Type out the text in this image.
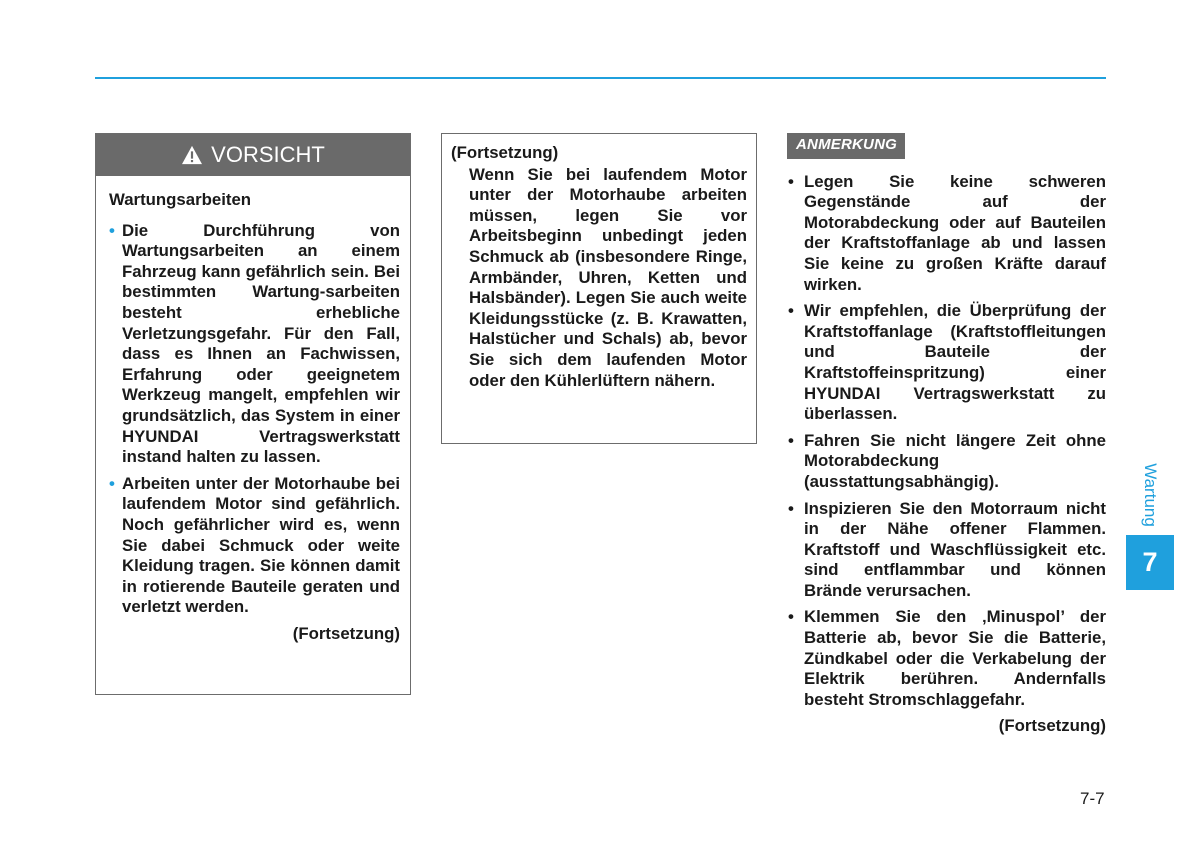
VORSICHT
Wartungsarbeiten
• Die Durchführung von Wartungsarbeiten an einem Fahrzeug kann gefährlich sein. Bei bestimmten Wartung-sarbeiten besteht erhebliche Verletzungsgefahr. Für den Fall, dass es Ihnen an Fachwissen, Erfahrung oder geeignetem Werkzeug mangelt, empfehlen wir grundsätzlich, das System in einer HYUNDAI Vertragswerkstatt instand halten zu lassen.
• Arbeiten unter der Motorhaube bei laufendem Motor sind gefährlich. Noch gefährlicher wird es, wenn Sie dabei Schmuck oder weite Kleidung tragen. Sie können damit in rotierende Bauteile geraten und verletzt werden.
(Fortsetzung)
(Fortsetzung)
Wenn Sie bei laufendem Motor unter der Motorhaube arbeiten müssen, legen Sie vor Arbeitsbeginn unbedingt jeden Schmuck ab (insbesondere Ringe, Armbänder, Uhren, Ketten und Halsbänder). Legen Sie auch weite Kleidungsstücke (z. B. Krawatten, Halstücher und Schals) ab, bevor Sie sich dem laufenden Motor oder den Kühlerlüftern nähern.
ANMERKUNG
• Legen Sie keine schweren Gegenstände auf der Motorabdeckung oder auf Bauteilen der Kraftstoffanlage ab und lassen Sie keine zu großen Kräfte darauf wirken.
• Wir empfehlen, die Überprüfung der Kraftstoffanlage (Kraftstoffleitungen und Bauteile der Kraftstoffeinspritzung) einer HYUNDAI Vertragswerkstatt zu überlassen.
• Fahren Sie nicht längere Zeit ohne Motorabdeckung (ausstattungsabhängig).
• Inspizieren Sie den Motorraum nicht in der Nähe offener Flammen. Kraftstoff und Waschflüssigkeit etc. sind entflammbar und können Brände verursachen.
• Klemmen Sie den ‚Minuspol’ der Batterie ab, bevor Sie die Batterie, Zündkabel oder die Verkabelung der Elektrik berühren. Andernfalls besteht Stromschlaggefahr.
(Fortsetzung)
Wartung
7
7-7
